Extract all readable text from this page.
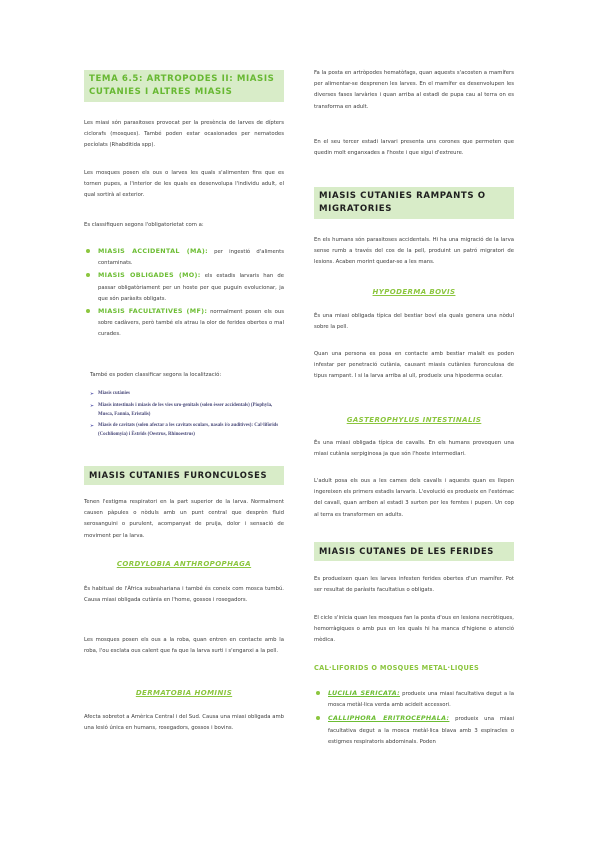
TEMA 6.5: ARTROPODES II: MIASIS CUTANIES I ALTRES MIASIS

Les miasi són parasitoses provocat per la presència de larves de dípters ciclorafs (mosques). També poden estar ocasionades per nematodes pecíolats (Rhabditida spp).

Les mosques posen els ous o larves les quals s'alimenten fins que es tornen pupes, a l'interior de les quals es desenvolupa l'individu adult, el qual sortirà al exterior.

Es classifiquen segons l'obligatorietat com a:

MIASIS ACCIDENTAL (MA): per ingestió d'aliments contaminats.
MIASIS OBLIGADES (MO): els estadis larvaris han de passar obligatòriament per un hoste per que puguin evolucionar, ja que són paràsits obligats.
MIASIS FACULTATIVES (MF): normalment posen els ous sobre cadàvers, però també els atrau la olor de ferides obertes o mal curades.

També es poden classificar segons la localització:

➢ Miasis cutànies
➢ Miasis intestinals i miasis de les vies uro-genitals (solen èsser accidentals) (Piophyla, Musca, Fannia, Eristalis)
➢ Miasis de cavitats (solen afectar a les cavitats oculars, nasals i/o auditives): Cal·lifòrids (Cochliomyia) i Èstrids (Oestrus, Rhinoestrus)
MIASIS CUTANIES FURONCULOSES

Tenen l'estigma respiratori en la part superior de la larva. Normalment causen pàpules o nòduls amb un punt central que desprèn fluid serosanguini o purulent, acompanyat de pruija, dolor i sensació de moviment per la larva.

CORDYLOBIA ANTHROPOPHAGA

És habitual de l'Àfrica subsahariana i també és coneix com mosca tumbú. Causa miasi obligada cutània en l'home, gossos i rosegadors.

Les mosques posen els ous a la roba, quan entren en contacte amb la roba, l'ou esclata ous calent que fa que la larva surti i s'enganxi a la pell.

DERMATOBIA HOMINIS

Afecta sobretot a Amèrica Central i del Sud. Causa una miasi obligada amb una lesió única en humans, rosegadors, gossos i bovins.

Fa la posta en artròpodes hematòfags, quan aquests s'acosten a mamífers per alimentar-se desprenen les larves. En el mamífer es desenvolupen les diverses fases larvàries i quan arriba al estadi de pupa cau al terra on es transforma en adult.

En el seu tercer estadi larvari presenta uns corones que permeten que quedin molt enganxades a l'hoste i que sigui d'extreure.

MIASIS CUTANIES RAMPANTS O MIGRATORIES

En els humans són parasitoses accidentals. Hi ha una migració de la larva sense rumb a través del cos de la pell, produint un patró migratori de lesions. Acaben morint quedar-se a les mans.

HYPODERMA BOVIS

És una miasi obligada típica del bestiar boví ela quals genera una nòdul sobre la pell.

Quan una persona es posa en contacte amb bestiar malalt es poden infestar per penetració cutània, causant miasis cutànies furonculosa de tipus rampant. I si la larva arriba al ull, produeix una hipoderma ocular.

GASTEROPHYLUS INTESTINALIS

És una miasi obligada típica de cavalls. En els humans provoquen una miasi cutània serpiginosa ja que són l'hoste intermediari.

L'adult posa els ous a les cames dels cavalls i aquests quan es llepen ingereixen els primers estadis larvaris. L'evolució es produeix en l'estómac del cavall, quan arriben al estadi 3 surten per les femtes i pupen. Un cop al terra es transformen en adults.

MIASIS CUTANES DE LES FERIDES

Es produeixen quan les larves infesten ferides obertes d'un mamífer. Pot ser resultat de paràsits facultatius o obligats.

El cicle s'inicia quan les mosques fan la posta d'ous en lesions necròtiques, hemorràgiques o amb pus en les quals hi ha manca d'higiene o atenció mèdica.

CAL·LIFORIDS O MOSQUES METAL·LIQUES
LUCILIA SERICATA: produeix una miasi facultativa degut a la mosca metàl·lica verda amb acideit accessori.
CALLIPHORA ERITROCEPHALA: produeix una miasi facultativa degut a la mosca metàl·lica blava amb 3 espiracles o estigmes respiratoris abdominals. Poden
